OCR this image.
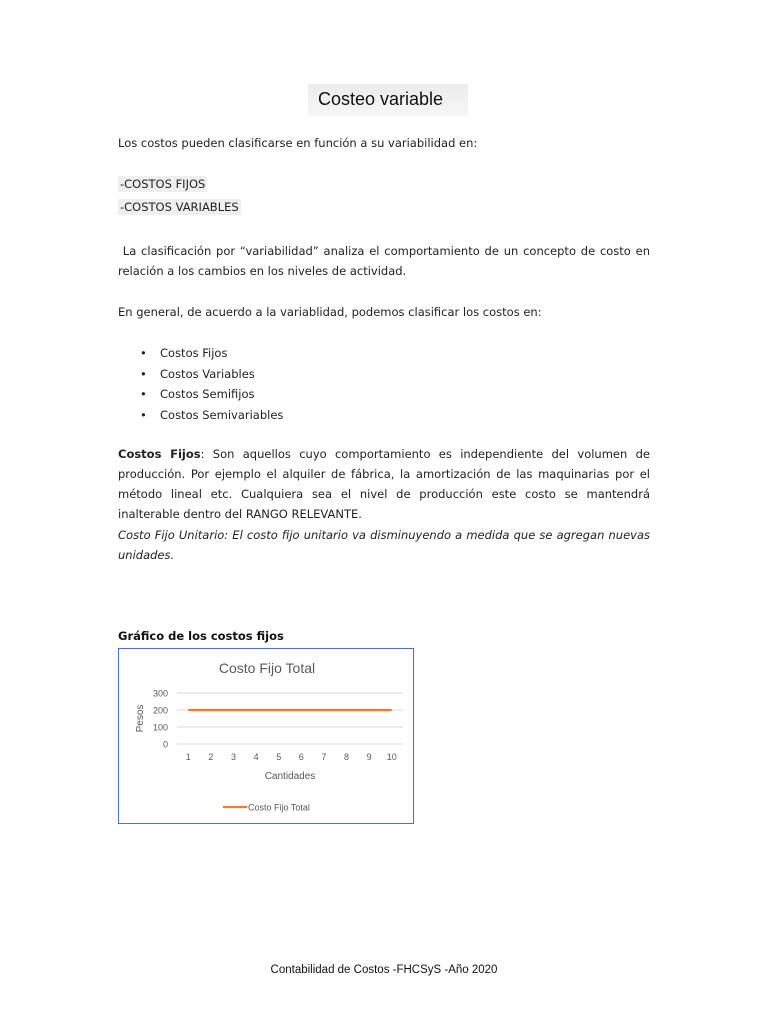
Costeo variable
Los costos pueden clasificarse en función a su variabilidad en:
-COSTOS FIJOS
-COSTOS VARIABLES
La clasificación por “variabilidad” analiza el comportamiento de un concepto de costo en relación a los cambios en los niveles de actividad.
En general, de acuerdo a la variablidad, podemos clasificar los costos en:
• Costos Fijos
• Costos Variables
• Costos Semifijos
• Costos Semivariables
Costos Fijos: Son aquellos cuyo comportamiento es independiente del volumen de producción. Por ejemplo el alquiler de fábrica, la amortización de las maquinarias por el método lineal etc. Cualquiera sea el nivel de producción este costo se mantendrá inalterable dentro del RANGO RELEVANTE.
Costo Fijo Unitario: El costo fijo unitario va disminuyendo a medida que se agregan nuevas unidades.
Gráfico de los costos fijos
Costo Fijo Total
0
100
200
300
1 2 3 4 5 6 7 8 9 10
Pesos
Cantidades
Costo Fijo Total
Contabilidad de Costos -FHCSyS -Año 2020
